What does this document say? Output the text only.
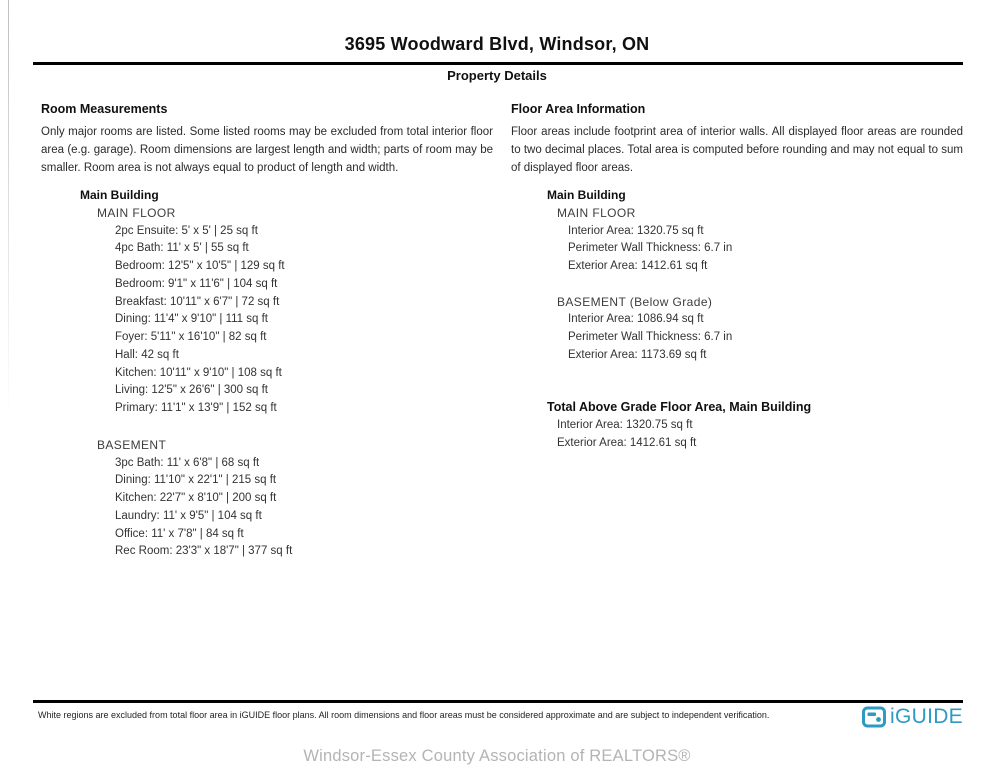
3695 Woodward Blvd, Windsor, ON
Property Details
Room Measurements

Only major rooms are listed. Some listed rooms may be excluded from total interior floor area (e.g. garage). Room dimensions are largest length and width; parts of room may be smaller. Room area is not always equal to product of length and width.

Floor Area Information

Floor areas include footprint area of interior walls. All displayed floor areas are rounded to two decimal places. Total area is computed before rounding and may not equal to sum of displayed floor areas.

Main Building
MAIN FLOOR
2pc Ensuite: 5' x 5' | 25 sq ft
4pc Bath: 11' x 5' | 55 sq ft
Bedroom: 12'5" x 10'5" | 129 sq ft
Bedroom: 9'1" x 11'6" | 104 sq ft
Breakfast: 10'11" x 6'7" | 72 sq ft
Dining: 11'4" x 9'10" | 111 sq ft
Foyer: 5'11" x 16'10" | 82 sq ft
Hall: 42 sq ft
Kitchen: 10'11" x 9'10" | 108 sq ft
Living: 12'5" x 26'6" | 300 sq ft
Primary: 11'1" x 13'9" | 152 sq ft
BASEMENT
3pc Bath: 11' x 6'8" | 68 sq ft
Dining: 11'10" x 22'1" | 215 sq ft
Kitchen: 22'7" x 8'10" | 200 sq ft
Laundry: 11' x 9'5" | 104 sq ft
Office: 11' x 7'8" | 84 sq ft
Rec Room: 23'3" x 18'7" | 377 sq ft
Main Building
MAIN FLOOR
Interior Area: 1320.75 sq ft
Perimeter Wall Thickness: 6.7 in
Exterior Area: 1412.61 sq ft
BASEMENT (Below Grade)
Interior Area: 1086.94 sq ft
Perimeter Wall Thickness: 6.7 in
Exterior Area: 1173.69 sq ft
Total Above Grade Floor Area, Main Building
Interior Area: 1320.75 sq ft
Exterior Area: 1412.61 sq ft
White regions are excluded from total floor area in iGUIDE floor plans. All room dimensions and floor areas must be considered approximate and are subject to independent verification.	iGUIDE
Windsor-Essex County Association of REALTORS®
